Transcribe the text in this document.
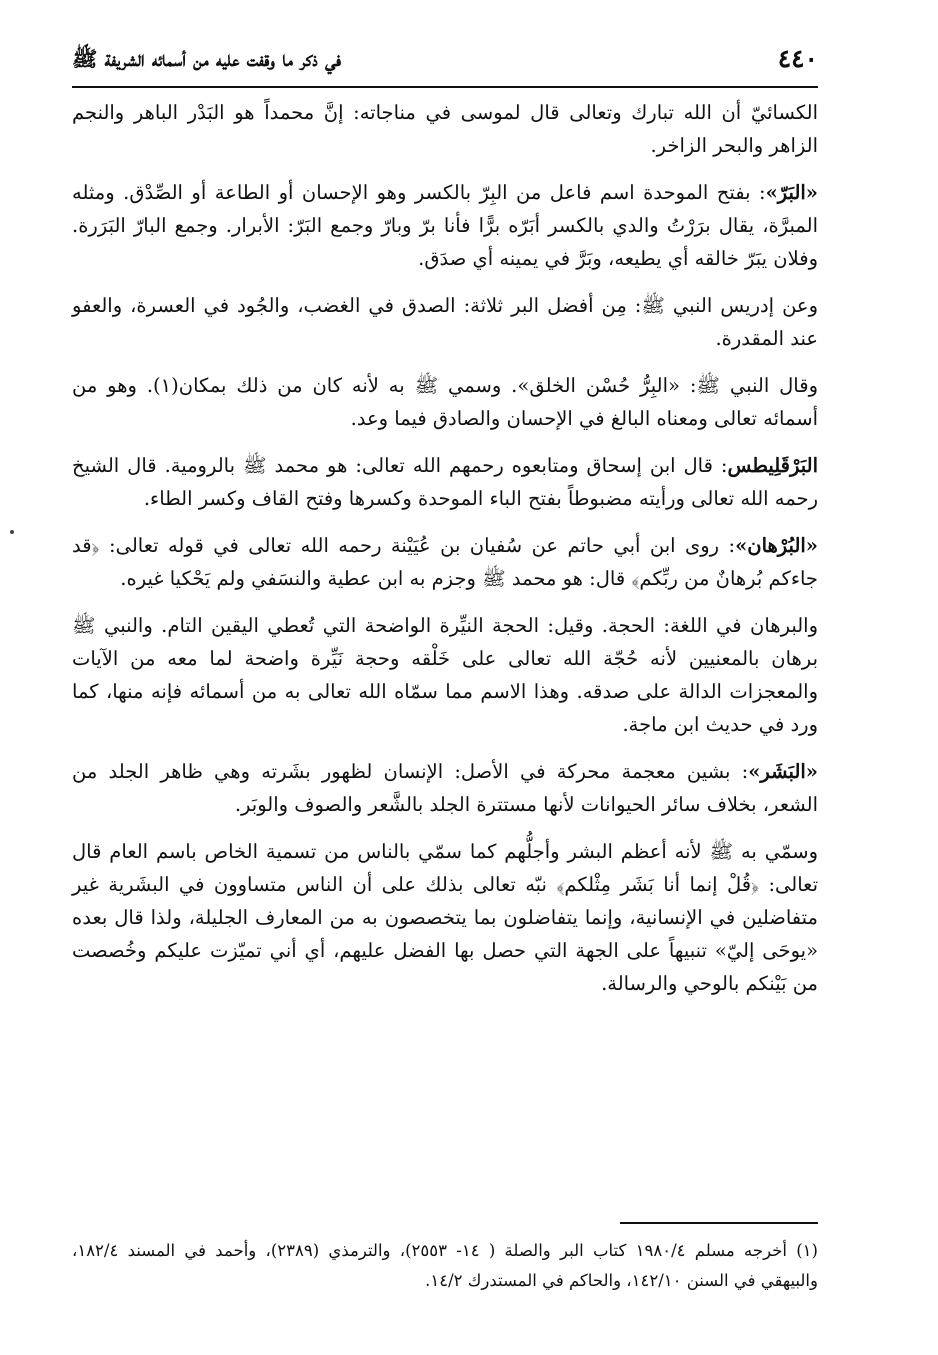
٤٤٠
في ذكر ما وقفت عليه من أسمائه الشريفة ﷺ

الكسائيّ أن الله تبارك وتعالى قال لموسى في مناجاته: إنَّ محمداً هو البَدْر الباهر والنجم الزاهر والبحر الزاخر.

«البَرّ»: بفتح الموحدة اسم فاعل من البِرّ بالكسر وهو الإحسان أو الطاعة أو الصِّدْق. ومثله المبرَّة، يقال برَرْتُ والدي بالكسر أبَرّه برًّا فأنا برّ وبارّ وجمع البَرّ: الأبرار. وجمع البارّ البَرَرة. وفلان يبَرّ خالقه أي يطيعه، وبَرَّ في يمينه أي صدَق.

وعن إدريس النبي ﷺ: مِن أفضل البر ثلاثة: الصدق في الغضب، والجُود في العسرة، والعفو عند المقدرة.

وقال النبي ﷺ: «البِرُّ حُسْن الخلق». وسمي ﷺ به لأنه كان من ذلك بمكان(١). وهو من أسمائه تعالى ومعناه البالغ في الإحسان والصادق فيما وعد.

البَرْقَلِيطس: قال ابن إسحاق ومتابعوه رحمهم الله تعالى: هو محمد ﷺ بالرومية. قال الشيخ رحمه الله تعالى ورأيته مضبوطاً بفتح الباء الموحدة وكسرها وفتح القاف وكسر الطاء.

«البُرْهان»: روى ابن أبي حاتم عن سُفيان بن عُيَيْنة رحمه الله تعالى في قوله تعالى: ﴿قد جاءكم بُرهانٌ من ربِّكم﴾ قال: هو محمد ﷺ وجزم به ابن عطية والنسَفي ولم يَحْكيا غيره.

والبرهان في اللغة: الحجة. وقيل: الحجة النيِّرة الواضحة التي تُعطي اليقين التام. والنبي ﷺ برهان بالمعنيين لأنه حُجّة الله تعالى على خَلْقه وحجة نَيِّرة واضحة لما معه من الآيات والمعجزات الدالة على صدقه. وهذا الاسم مما سمّاه الله تعالى به من أسمائه فإنه منها، كما ورد في حديث ابن ماجة.

«البَشَر»: بشين معجمة محركة في الأصل: الإنسان لظهور بشَرته وهي ظاهر الجلد من الشعر، بخلاف سائر الحيوانات لأنها مستترة الجلد بالشَّعر والصوف والوبَر.

وسمّي به ﷺ لأنه أعظم البشر وأجلُّهم كما سمّي بالناس من تسمية الخاص باسم العام قال تعالى: ﴿قُلْ إنما أنا بَشَر مِثْلكم﴾ نبّه تعالى بذلك على أن الناس متساوون في البشَرية غير متفاضلين في الإنسانية، وإنما يتفاضلون بما يتخصصون به من المعارف الجليلة، ولذا قال بعده «يوحَى إليّ» تنبيهاً على الجهة التي حصل بها الفضل عليهم، أي أني تميّزت عليكم وخُصصت من بَيْنكم بالوحي والرسالة.

(١) أخرجه مسلم ١٩٨٠/٤ كتاب البر والصلة ( ١٤- ٢٥٥٣)، والترمذي (٢٣٨٩)، وأحمد في المسند ١٨٢/٤، والبيهقي في السنن ١٤٢/١٠، والحاكم في المستدرك ١٤/٢.
